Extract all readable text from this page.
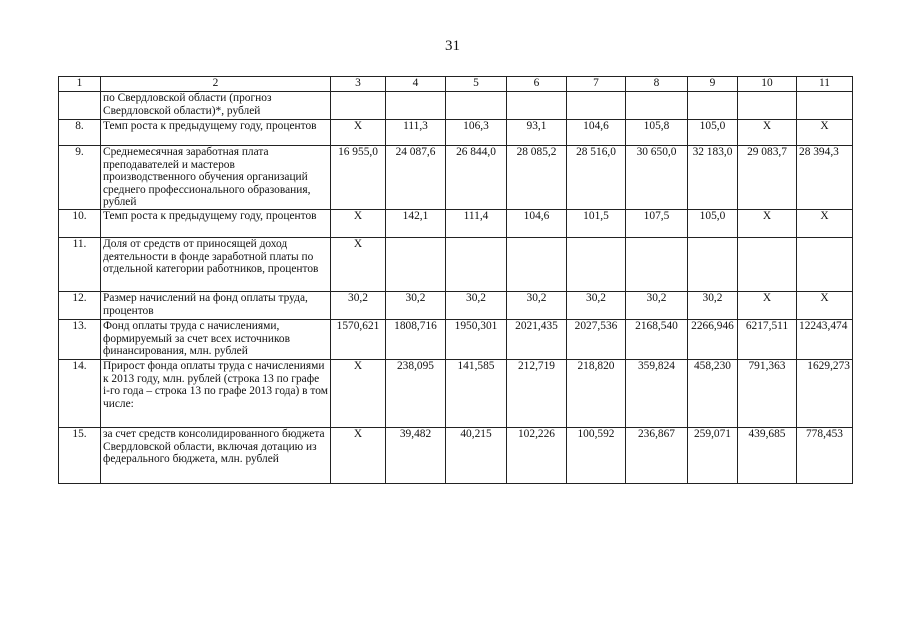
31
1	2	3	4	5	6	7	8	9	10	11
	по Свердловской области (прогноз Свердловской области)*, рублей									
8.	Темп роста к предыдущему году, процентов	X	111,3	106,3	93,1	104,6	105,8	105,0	X	X
9.	Среднемесячная заработная плата преподавателей и мастеров производственного обучения организаций среднего профессионального образования, рублей	16 955,0	24 087,6	26 844,0	28 085,2	28 516,0	30 650,0	32 183,0	29 083,7	28 394,3
10.	Темп роста к предыдущему году, процентов	X	142,1	111,4	104,6	101,5	107,5	105,0	X	X
11.	Доля от средств от приносящей доход деятельности в фонде заработной платы по отдельной категории работников, процентов	X								
12.	Размер начислений на фонд оплаты труда, процентов	30,2	30,2	30,2	30,2	30,2	30,2	30,2	X	X
13.	Фонд оплаты труда с начислениями, формируемый за счет всех источников финансирования, млн. рублей	1570,621	1808,716	1950,301	2021,435	2027,536	2168,540	2266,946	6217,511	12243,474
14.	Прирост фонда оплаты труда с начислениями к 2013 году, млн. рублей (строка 13 по графе i-го года – строка 13 по графе 2013 года) в том числе:	X	238,095	141,585	212,719	218,820	359,824	458,230	791,363	1629,273
15.	за счет средств консолидированного бюджета Свердловской области, включая дотацию из федерального бюджета, млн. рублей	X	39,482	40,215	102,226	100,592	236,867	259,071	439,685	778,453
